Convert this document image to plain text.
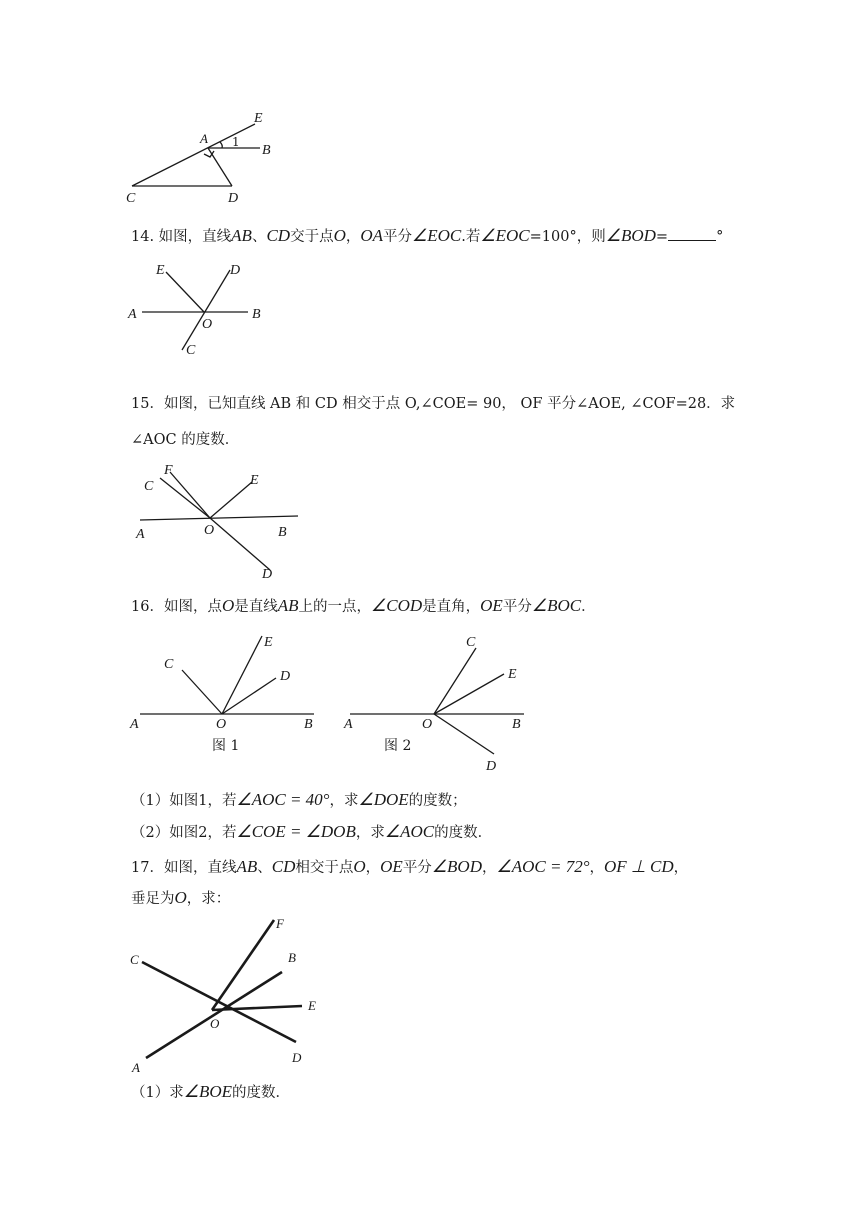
E
A 1
B
C	D
14. 如图，直线AB、CD交于点O，OA平分∠EOC.若∠EOC=100°，则∠BOD=	°
E	D
A	B
O
C
15．如图，已知直线 AB 和 CD 相交于点 O,∠COE= 90， OF 平分∠AOE, ∠COF=28．求
∠AOC 的度数．
F
C	E
A	O	B
D
16．如图，点O是直线AB上的一点，∠COD是直角，OE平分∠BOC．
C
E
D
A	O	B
图 1
C
E
A	O	B
图 2
D
（1）如图1，若∠AOC = 40°，求∠DOE的度数；
（2）如图2，若∠COE = ∠DOB，求∠AOC的度数．
17．如图，直线AB、CD相交于点O，OE平分∠BOD，∠AOC = 72°，OF ⊥ CD，
垂足为O，求：
F
C	B
E
O
A
D
（1）求∠BOE的度数．
